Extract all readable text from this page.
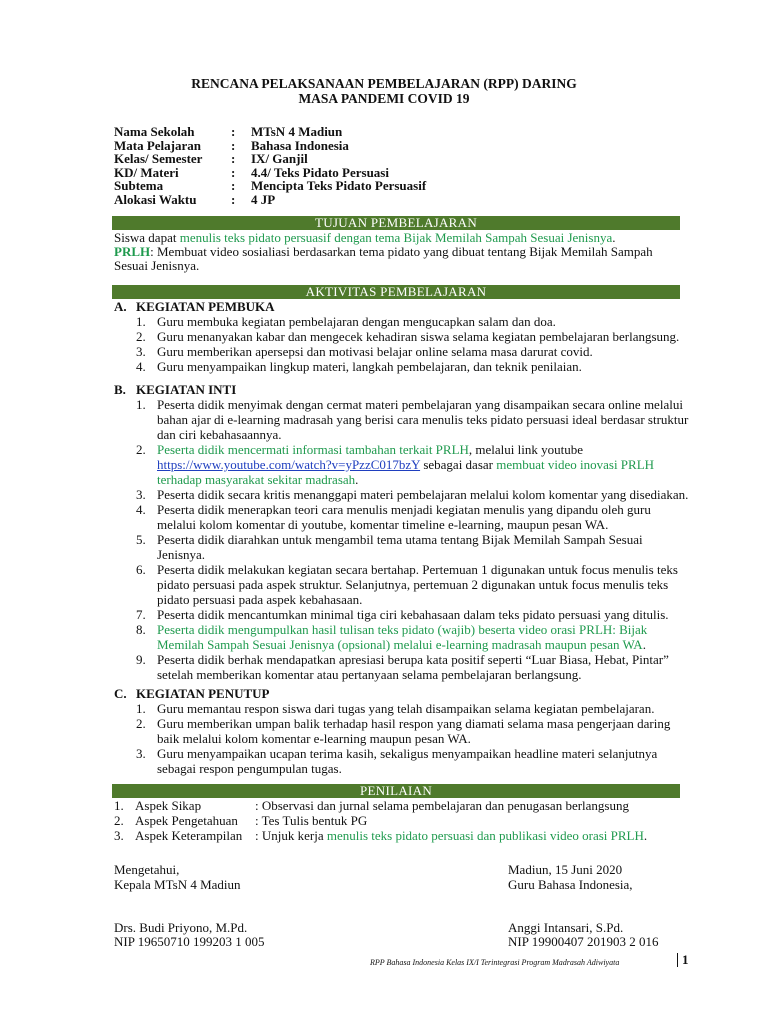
RENCANA PELAKSANAAN PEMBELAJARAN (RPP) DARING
MASA PANDEMI COVID 19
Nama Sekolah	:	MTsN 4 Madiun
Mata Pelajaran	:	Bahasa Indonesia
Kelas/ Semester	:	IX/ Ganjil
KD/ Materi	:	4.4/ Teks Pidato Persuasi
Subtema	:	Mencipta Teks Pidato Persuasif
Alokasi Waktu	:	4 JP
TUJUAN PEMBELAJARAN
Siswa dapat menulis teks pidato persuasif dengan tema Bijak Memilah Sampah Sesuai Jenisnya.
PRLH: Membuat video sosialiasi berdasarkan tema pidato yang dibuat tentang Bijak Memilah Sampah
Sesuai Jenisnya.
AKTIVITAS PEMBELAJARAN
A. KEGIATAN PEMBUKA
1. Guru membuka kegiatan pembelajaran dengan mengucapkan salam dan doa.
2. Guru menanyakan kabar dan mengecek kehadiran siswa selama kegiatan pembelajaran berlangsung.
3. Guru memberikan apersepsi dan motivasi belajar online selama masa darurat covid.
4. Guru menyampaikan lingkup materi, langkah pembelajaran, dan teknik penilaian.
B. KEGIATAN INTI
1. Peserta didik menyimak dengan cermat materi pembelajaran yang disampaikan secara online melalui bahan ajar di e-learning madrasah yang berisi cara menulis teks pidato persuasi ideal berdasar struktur dan ciri kebahasaannya.
2. Peserta didik mencermati informasi tambahan terkait PRLH, melalui link youtube https://www.youtube.com/watch?v=yPzzC017bzY sebagai dasar membuat video inovasi PRLH terhadap masyarakat sekitar madrasah.
3. Peserta didik secara kritis menanggapi materi pembelajaran melalui kolom komentar yang disediakan.
4. Peserta didik menerapkan teori cara menulis menjadi kegiatan menulis yang dipandu oleh guru melalui kolom komentar di youtube, komentar timeline e-learning, maupun pesan WA.
5. Peserta didik diarahkan untuk mengambil tema utama tentang Bijak Memilah Sampah Sesuai Jenisnya.
6. Peserta didik melakukan kegiatan secara bertahap. Pertemuan 1 digunakan untuk focus menulis teks pidato persuasi pada aspek struktur. Selanjutnya, pertemuan 2 digunakan untuk focus menulis teks pidato persuasi pada aspek kebahasaan.
7. Peserta didik mencantumkan minimal tiga ciri kebahasaan dalam teks pidato persuasi yang ditulis.
8. Peserta didik mengumpulkan hasil tulisan teks pidato (wajib) beserta video orasi PRLH: Bijak Memilah Sampah Sesuai Jenisnya (opsional) melalui e-learning madrasah maupun pesan WA.
9. Peserta didik berhak mendapatkan apresiasi berupa kata positif seperti “Luar Biasa, Hebat, Pintar” setelah memberikan komentar atau pertanyaan selama pembelajaran berlangsung.
C. KEGIATAN PENUTUP
1. Guru memantau respon siswa dari tugas yang telah disampaikan selama kegiatan pembelajaran.
2. Guru memberikan umpan balik terhadap hasil respon yang diamati selama masa pengerjaan daring baik melalui kolom komentar e-learning maupun pesan WA.
3. Guru menyampaikan ucapan terima kasih, sekaligus menyampaikan headline materi selanjutnya sebagai respon pengumpulan tugas.
PENILAIAN
1. Aspek Sikap	: Observasi dan jurnal selama pembelajaran dan penugasan berlangsung
2. Aspek Pengetahuan	: Tes Tulis bentuk PG
3. Aspek Keterampilan : Unjuk kerja menulis teks pidato persuasi dan publikasi video orasi PRLH.
Mengetahui,
Kepala MTsN 4 Madiun
Drs. Budi Priyono, M.Pd.
NIP 19650710 199203 1 005
Madiun, 15 Juni 2020
Guru Bahasa Indonesia,
Anggi Intansari, S.Pd.
NIP 19900407 201903 2 016
RPP Bahasa Indonesia Kelas IX/I Terintegrasi Program Madrasah Adiwiyata	1
